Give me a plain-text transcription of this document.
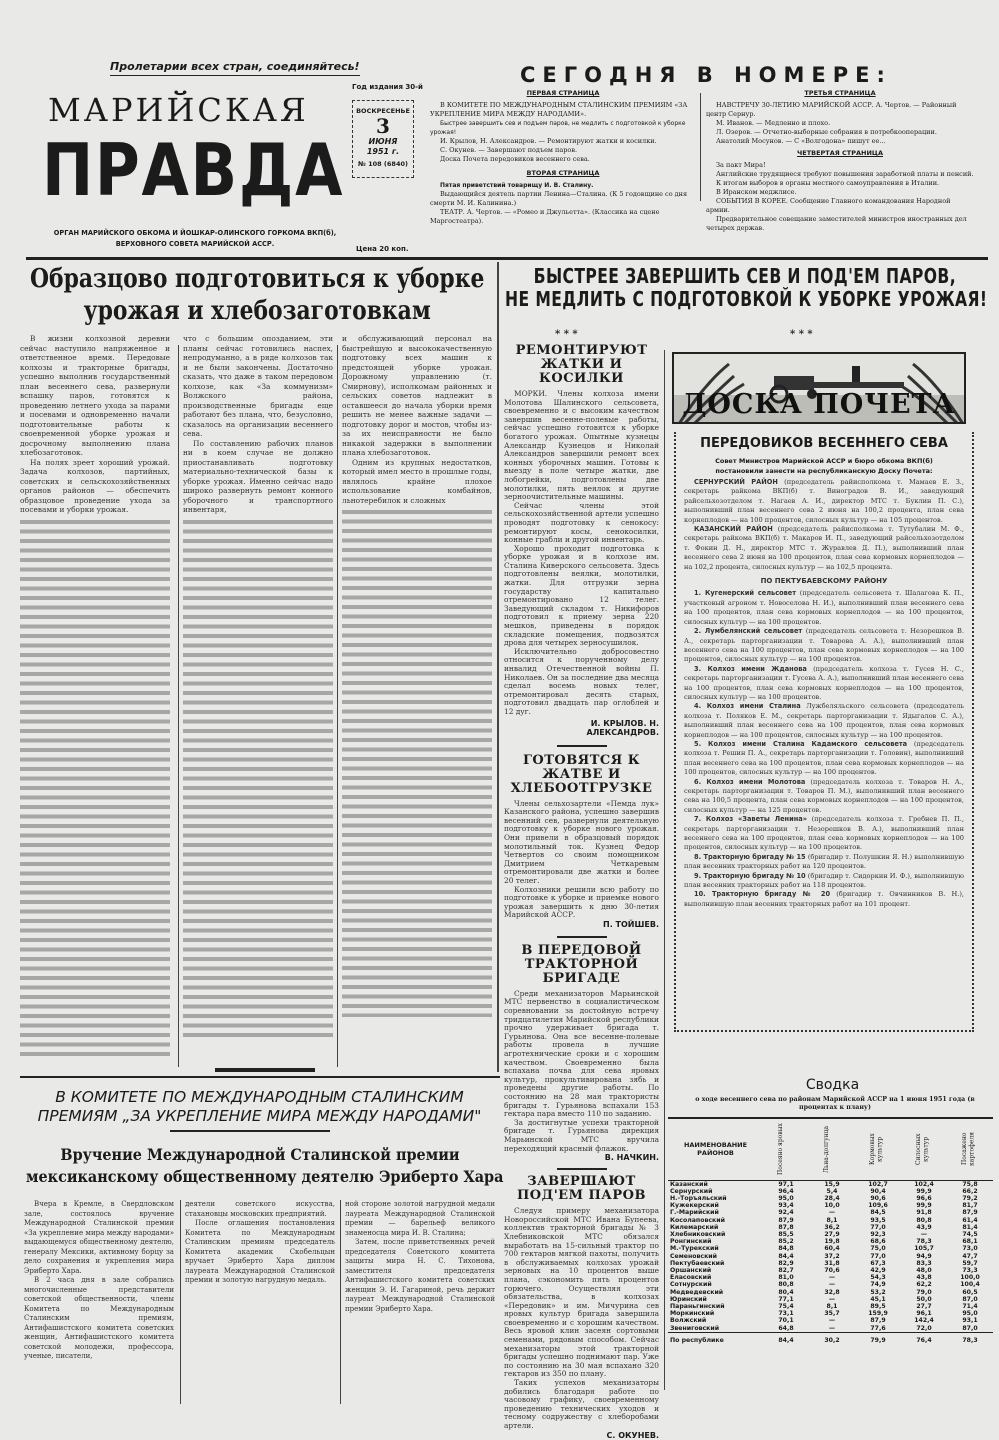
Пролетарии всех стран, соединяйтесь!
МАРИЙСКАЯ
ПРАВДА
Год издания 30-й
ВОСКРЕСЕНЬЕ
3
ИЮНЯ
1951 г.
№ 108 (6840)
Цена 20 коп.
ОРГАН МАРИЙСКОГО ОБКОМА И ЙОШКАР-ОЛИНСКОГО ГОРКОМА ВКП(б),
ВЕРХОВНОГО СОВЕТА МАРИЙСКОЙ АССР.
СЕГОДНЯ В НОМЕРЕ:
ПЕРВАЯ СТРАНИЦА
В КОМИТЕТЕ ПО МЕЖДУНАРОДНЫМ СТАЛИНСКИМ ПРЕМИЯМ «ЗА УКРЕПЛЕНИЕ МИРА МЕЖДУ НАРОДАМИ».
Быстрее завершить сев и подъем паров, не медлить с подготовкой к уборке урожая!
И. Крылов, Н. Александров. — Ремонтируют жатки и косилки.
С. Окунев. — Завершают подъем паров.
Доска Почета передовиков весеннего сева.
ВТОРАЯ СТРАНИЦА
Пятая приветствий товарищу И. В. Сталину.
Выдающийся деятель партии Ленина—Сталина. (К 5 годовщине со дня смерти М. И. Калинина.)
ТЕАТР. А. Чертов. — «Ромео и Джульетта». (Классика на сцене Маргостеатра).
ТРЕТЬЯ СТРАНИЦА
НАВСТРЕЧУ 30-ЛЕТИЮ МАРИЙСКОЙ АССР. А. Чертов. — Районный центр Сернур.
М. Иванов. — Медленно и плохо.
Л. Озеров. — Отчетно-выборные собрания в потребкооперации.
Анатолий Мосунов. — С «Волгодона» пишут ее...
ЧЕТВЕРТАЯ СТРАНИЦА
За пакт Мира!
Английские трудящиеся требуют повышения заработной платы и пенсий.
К итогам выборов в органы местного самоуправления в Италии.
В Иранском меджлисе.
СОБЫТИЯ В КОРЕЕ. Сообщение Главного командования Народной армии.
Предварительное совещание заместителей министров иностранных дел четырех держав.
Образцово подготовиться к уборке урожая и хлебозаготовкам

В жизни колхозной деревни сейчас наступило напряженное и ответственное время. Передовые колхозы и тракторные бригады, успешно выполнив государственный план весеннего сева, развернули вспашку паров, готовятся к проведению летнего ухода за парами и посевами и одновременно начали подготовительные работы к своевременной уборке урожая и досрочному выполнению плана хлебозаготовок.

На полях зреет хороший урожай. Задача колхозов, партийных, советских и сельскохозяйственных органов районов — обеспечить образцовое проведение ухода за посевами и уборки урожая.

что с большим опозданием, эти планы сейчас готовились наспех, непродуманно, а в ряде колхозов так и не были закончены. Достаточно сказать, что даже в таком передовом колхозе, как «За коммунизм» Волжского района, производственные бригады еще работают без плана, что, безусловно, сказалось на организации весеннего сева.

По составлению рабочих планов ни в коем случае не должно приостанавливать подготовку материально-технической базы к уборке урожая. Именно сейчас надо широко развернуть ремонт конного уборочного и транспортного инвентаря,

и обслуживающий персонал на быстрейшую и высококачественную подготовку всех машин к предстоящей уборке урожая. Дорожному управлению (т. Смирнову), исполкомам районных и сельских советов надлежит в оставшееся до начала уборки время решить не менее важные задачи — подготовку дорог и мостов, чтобы из-за их неисправности не было никакой задержки в выполнении плана хлебозаготовок.

Одним из крупных недостатков, который имел место в прошлые годы, являлось крайне плохое использование комбайнов, льнотеребилок и сложных

БЫСТРЕЕ ЗАВЕРШИТЬ СЕВ И ПОД'ЕМ ПАРОВ,
НЕ МЕДЛИТЬ С ПОДГОТОВКОЙ К УБОРКЕ УРОЖАЯ!
* * *	* * *
РЕМОНТИРУЮТ ЖАТКИ И КОСИЛКИ

МОРКИ. Члены колхоза имени Молотова Шалинского сельсовета, своевременно и с высоким качеством завершив весенне-полевые работы, сейчас успешно готовятся к уборке богатого урожая. Опытные кузнецы Александр Кузнецов и Николай Александров завершили ремонт всех конных уборочных машин. Готовы к выезду в поле четыре жатки, две лобогрейки, подготовлены две молотилки, пять веялок и другие зерноочистительные машины.

Сейчас члены этой сельскохозяйственной артели успешно проводят подготовку к сенокосу: ремонтируют косы, сенокосилки, конные грабли и другой инвентарь.

Хорошо проходит подготовка к уборке урожая и в колхозе им. Сталина Киверского сельсовета. Здесь подготовлены веялки, молотилки, жатки. Для отгрузки зерна государству капитально отремонтировано 12 телег. Заведующий складом т. Никифоров подготовил к приему зерна 220 мешков, приведены в порядок складские помещения, подвозятся дрова для четырех зерносушилок.

Исключительно добросовестно относится к порученному делу инвалид Отечественной войны П. Николаев. Он за последние два месяца сделал восемь новых телег, отремонтировал десять старых, подготовил двадцать пар оглоблей и 12 дуг.

И. КРЫЛОВ. Н. АЛЕКСАНДРОВ.
ГОТОВЯТСЯ К ЖАТВЕ И ХЛЕБООТГРУЗКЕ

Члены сельхозартели «Пемда лук» Казанского района, успешно завершив весенний сев, развернули деятельную подготовку к уборке нового урожая. Они привели в образцовый порядок молотильный ток. Кузнец Федор Четвертов со своим помощником Дмитрием Четкаревым отремонтировали две жатки и более 20 телег.

Колхозники решили всю работу по подготовке к уборке и приемке нового урожая завершить к дню 30-летия Марийской АССР.

П. ТОЙШЕВ.
В ПЕРЕДОВОЙ ТРАКТОРНОЙ БРИГАДЕ

Среди механизаторов Марьинской МТС первенство в социалистическом соревновании за достойную встречу тридцатилетия Марийской республики прочно удерживает бригада т. Гурьянова. Она все весенне-полевые работы провела в лучшие агротехнические сроки и с хорошим качеством. Своевременно была вспахана почва для сева яровых культур, прокультивирована зябь и проведены другие работы. По состоянию на 28 мая трактористы бригады т. Гурьянова вспахали 153 гектара пара вместо 110 по заданию.

За достигнутые успехи тракторной бригаде т. Гурьянова дирекция Марьинской МТС вручила переходящий красный флажок.

В. НАЧКИН.
ЗАВЕРШАЮТ ПОД'ЕМ ПАРОВ

Следуя примеру механизатора Новороссийской МТС Ивана Бупеева, коллектив тракторной бригады № 3 Хлебниковской МТС обязался выработать на 15-сильный трактор по 700 гектаров мягкой пахоты, получить в обслуживаемых колхозах урожай зерновых на 10 процентов выше плана, сэкономить пять процентов горючего. Осуществляя эти обязательства, в колхозах «Передовик» и им. Мичурина сев яровых культур бригада завершила своевременно и с хорошим качеством. Весь яровой клин засеян сортовыми семенами, рядовым способом. Сейчас механизаторы этой тракторной бригады успешно поднимают пар. Уже по состоянию на 30 мая вспахано 320 гектаров из 350 по плану.

Таких успехов механизаторы добились благодаря работе по часовому графику, своевременному проведению технических уходов и тесному содружеству с хлеборобами артели.

С. ОКУНЕВ.
ДОСКА ПОЧЕТА
ПЕРЕДОВИКОВ ВЕСЕННЕГО СЕВА
Совет Министров Марийской АССР и бюро обкома ВКП(б)
постановили занести на республиканскую Доску Почета:

СЕРНУРСКИЙ РАЙОН (председатель райисполкома т. Мамаев Е. З., секретарь райкома ВКП(б) т. Виноградов В. И., заведующий райсельхозотделом т. Нагаев А. И., директор МТС т. Буклин П. С.), выполнивший план весеннего сева 2 июня на 100,2 процента, план сева корнеплодов — на 100 процентов, силосных культур — на 105 процентов.

КАЗАНСКИЙ РАЙОН (председатель райисполкома т. Тутубалин М. Ф., секретарь райкома ВКП(б) т. Макаров И. П., заведующий райсельхозотделом т. Фокин Д. Н., директор МТС т. Журавлев Д. П.), выполнивший план весеннего сева 2 июня на 100 процентов, план сева кормовых корнеплодов — на 102,2 процента, силосных культур — на 102,5 процента.

ПО ПЕКТУБАЕВСКОМУ РАЙОНУ

1. Кугенерский сельсовет (председатель сельсовета т. Шалагова К. П., участковый агроном т. Новоселова Н. И.), выполнивший план весеннего сева на 100 процентов, план сева кормовых корнеплодов — на 100 процентов, силосных культур — на 100 процентов.

2. Лумбелянский сельсовет (председатель сельсовета т. Незорешков В. А., секретарь парторганизации т. Товарова А. А.), выполнивший план весеннего сева на 100 процентов, план сева кормовых корнеплодов — на 100 процентов, силосных культур — на 100 процентов.

3. Колхоз имени Жданова (председатель колхоза т. Гусев Н. С., секретарь парторганизации т. Гусева А. А.), выполнивший план весеннего сева на 100 процентов, план сева кормовых корнеплодов — на 100 процентов, силосных культур — на 100 процентов.

4. Колхоз имени Сталина Лужбеляльского сельсовета (председатель колхоза т. Поляков Е. М., секретарь парторганизации т. Ядыгалов С. А.), выполнивший план весеннего сева на 100 процентов, план сева кормовых корнеплодов — на 100 процентов, силосных культур — на 100 процентов.

5. Колхоз имени Сталина Кадамского сельсовета (председатель колхоза т. Решин П. А., секретарь парторганизации т. Головин), выполнивший план весеннего сева на 100 процентов, план сева кормовых корнеплодов — на 100 процентов, силосных культур — на 100 процентов.

6. Колхоз имени Молотова (председатель колхоза т. Товаров Н. А., секретарь парторганизации т. Товаров П. М.), выполнивший план весеннего сева на 100,5 процента, план сева кормовых корнеплодов — на 100 процентов, силосных культур — на 125 процентов.

7. Колхоз «Заветы Ленина» (председатель колхоза т. Гребнев П. П., секретарь парторганизации т. Незорешков В. А.), выполнивший план весеннего сева на 100 процентов, план сева кормовых корнеплодов — на 100 процентов, силосных культур — на 100 процентов.

8. Тракторную бригаду № 15 (бригадир т. Полушкин Я. Н.) выполнившую план весенних тракторных работ на 120 процентов.

9. Тракторную бригаду № 10 (бригадир т. Сидоркин И. Ф.), выполнившую план весенних тракторных работ на 118 процентов.

10. Тракторную бригаду № 20 (бригадир т. Овчинников В. Н.), выполнившую план весенних тракторных работ на 101 процент.

Сводка
о ходе весеннего сева по районам Марийской АССР на 1 июня 1951 года (в процентах к плану)
НАИМЕНОВАНИЕ РАЙОНОВ	Посеяно яровых	Льна-долгунца	Кормовых культур	Силосных культур	Посажено картофеля

Казанский	97,1	15,9	102,7	102,4	75,8
Сернурский	96,4	5,4	90,4	99,9	66,2
Н.-Торъяльский	95,0	28,4	90,6	96,6	79,2
Кужекерский	93,4	10,0	109,6	99,9	81,7
Г.-Марийский	92,4	—	84,5	91,8	87,9
Косолаповский	87,9	8,1	93,5	80,8	61,4
Килемарский	87,8	36,2	77,0	43,9	81,4
Хлебниковский	85,5	27,9	92,3	—	74,5
Ронгинский	85,2	19,8	68,6	78,3	68,1
М.-Турекский	84,8	60,4	75,0	105,7	73,0
Семеновский	84,4	37,2	77,0	94,9	47,7
Пектубаевский	82,9	31,8	67,3	83,3	59,7
Оршанский	82,7	70,6	42,9	48,0	73,3
Еласовский	81,0	—	54,3	43,8	100,0
Сотнурский	80,8	—	74,9	62,2	100,4
Медведевский	80,4	32,8	53,2	79,0	60,5
Юринский	77,1	—	45,1	50,0	87,0
Параньгинский	75,4	8,1	89,5	27,7	71,4
Моркинский	73,1	35,7	159,9	96,1	95,0
Волжский	70,1	—	87,9	142,4	93,1
Звениговский	64,8	—	77,6	72,0	87,0
По республике	84,4	30,2	79,9	76,4	78,3
В КОМИТЕТЕ ПО МЕЖДУНАРОДНЫМ СТАЛИНСКИМ
ПРЕМИЯМ „ЗА УКРЕПЛЕНИЕ МИРА МЕЖДУ НАРОДАМИ"
Вручение Международной Сталинской премии
мексиканскому общественному деятелю Эриберто Хара

Вчера в Кремле, в Свердловском зале, состоялось вручение Международной Сталинской премии «За укрепление мира между народами» выдающемуся общественному деятелю, генералу Мексики, активному борцу за дело сохранения и укрепления мира Эриберто Хара.

В 2 часа дня в зале собрались многочисленные представители советской общественности, члены Комитета по Международным Сталинским премиям, Антифашистского комитета советских женщин, Антифашистского комитета советской молодежи, профессора, ученые, писатели,

деятели советского искусства, стахановцы московских предприятий.

После оглашения постановления Комитета по Международным Сталинским премиям председатель Комитета академик Скобельцын вручает Эриберто Хара диплом лауреата Международной Сталинской премии и золотую нагрудную медаль.

ной стороне золотой нагрудной медали лауреата Международной Сталинской премии — барельеф великого знаменосца мира И. В. Сталина;

Затем, после приветственных речей председателя Советского комитета защиты мира Н. С. Тихонова, заместителя председателя Антифашистского комитета советских женщин Э. И. Гагариной, речь держит лауреат Международной Сталинской премии Эриберто Хара.
